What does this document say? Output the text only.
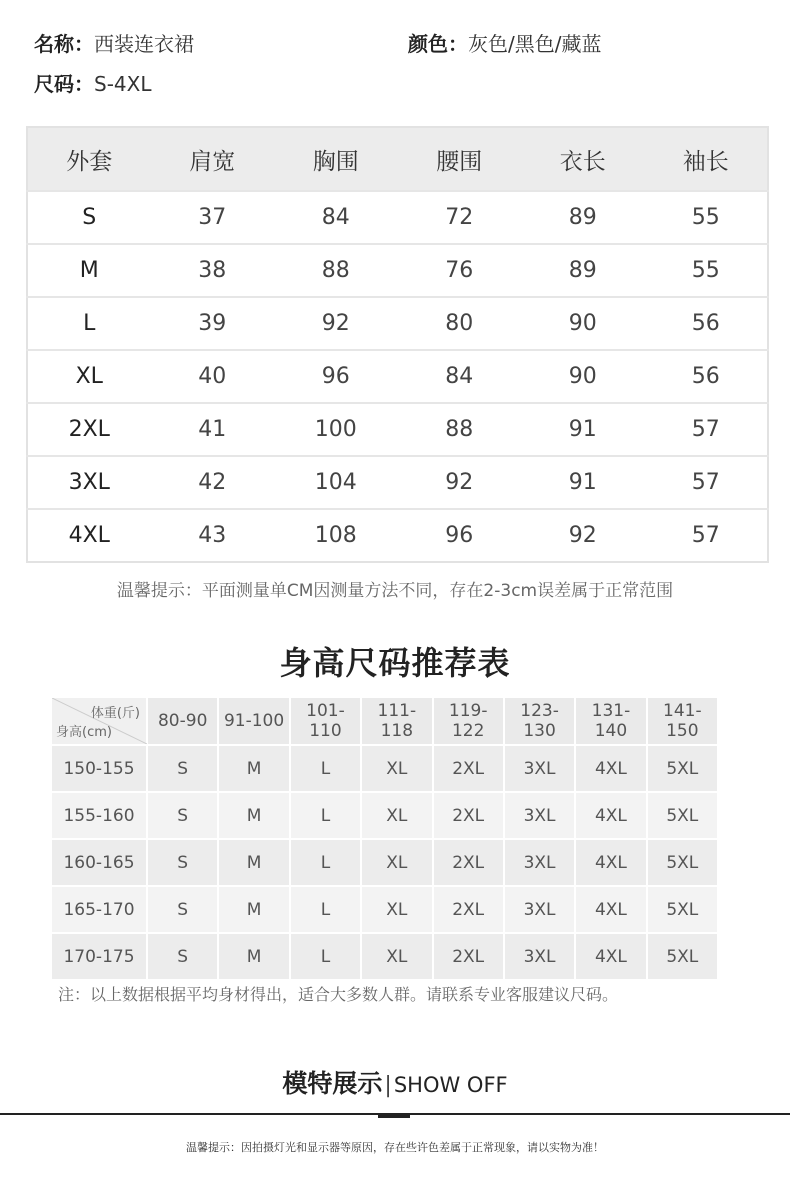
名称：西装连衣裙	颜色：灰色/黑色/藏蓝
尺码：S-4XL
外套	肩宽	胸围	腰围	衣长	袖长
S	37	84	72	89	55
M	38	88	76	89	55
L	39	92	80	90	56
XL	40	96	84	90	56
2XL	41	100	88	91	57
3XL	42	104	92	91	57
4XL	43	108	96	92	57
温馨提示：平面测量单CM因测量方法不同，存在2-3cm误差属于正常范围
身高尺码推荐表
体重(斤)
身高(cm)	80-90	91-100	101-110	111-118	119-122	123-130	131-140	141-150
150-155	S	M	L	XL	2XL	3XL	4XL	5XL
155-160	S	M	L	XL	2XL	3XL	4XL	5XL
160-165	S	M	L	XL	2XL	3XL	4XL	5XL
165-170	S	M	L	XL	2XL	3XL	4XL	5XL
170-175	S	M	L	XL	2XL	3XL	4XL	5XL
注：以上数据根据平均身材得出，适合大多数人群。请联系专业客服建议尺码。
模特展示|SHOW OFF
温馨提示：因拍摄灯光和显示器等原因，存在些许色差属于正常现象，请以实物为准！
